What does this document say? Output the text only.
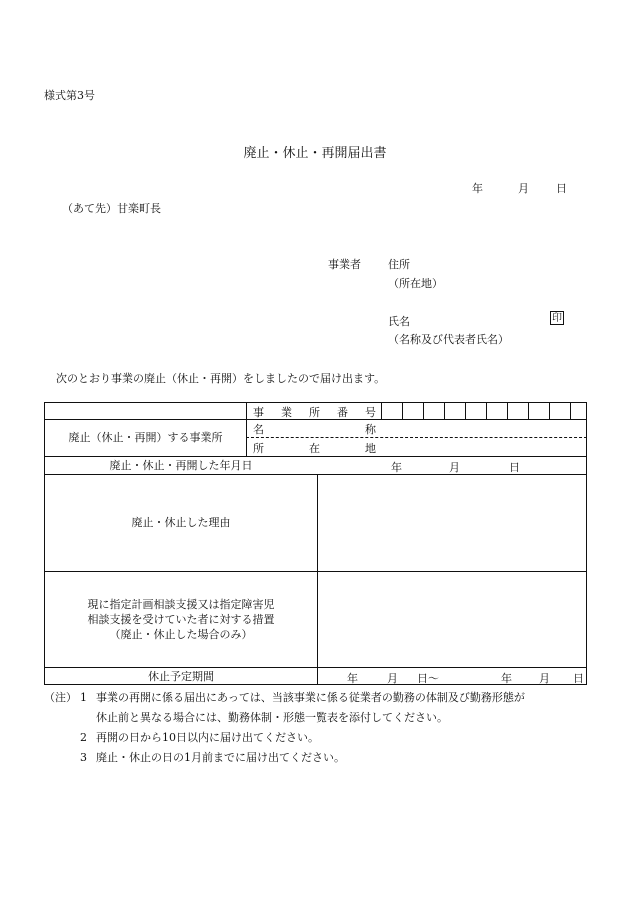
様式第3号
廃止・休止・再開届出書
年	月 日
（あて先）甘楽町長
事業者 住所
（所在地）
氏名	印
（名称及び代表者氏名）
次のとおり事業の廃止（休止・再開）をしましたので届け出ます。
事 業 所 番 号
廃止（休止・再開）する事業所
名	称
所	在	地
廃止・休止・再開した年月日	年	月	日
廃止・休止した理由
現に指定計画相談支援又は指定障害児
相談支援を受けていた者に対する措置
（廃止・休止した場合のみ）
休止予定期間	年	月 日〜	年 月 日
（注） 1 事業の再開に係る届出にあっては、当該事業に係る従業者の勤務の体制及び勤務形態が
休止前と異なる場合には、勤務体制・形態一覧表を添付してください。
2 再開の日から10日以内に届け出てください。
3 廃止・休止の日の1月前までに届け出てください。
